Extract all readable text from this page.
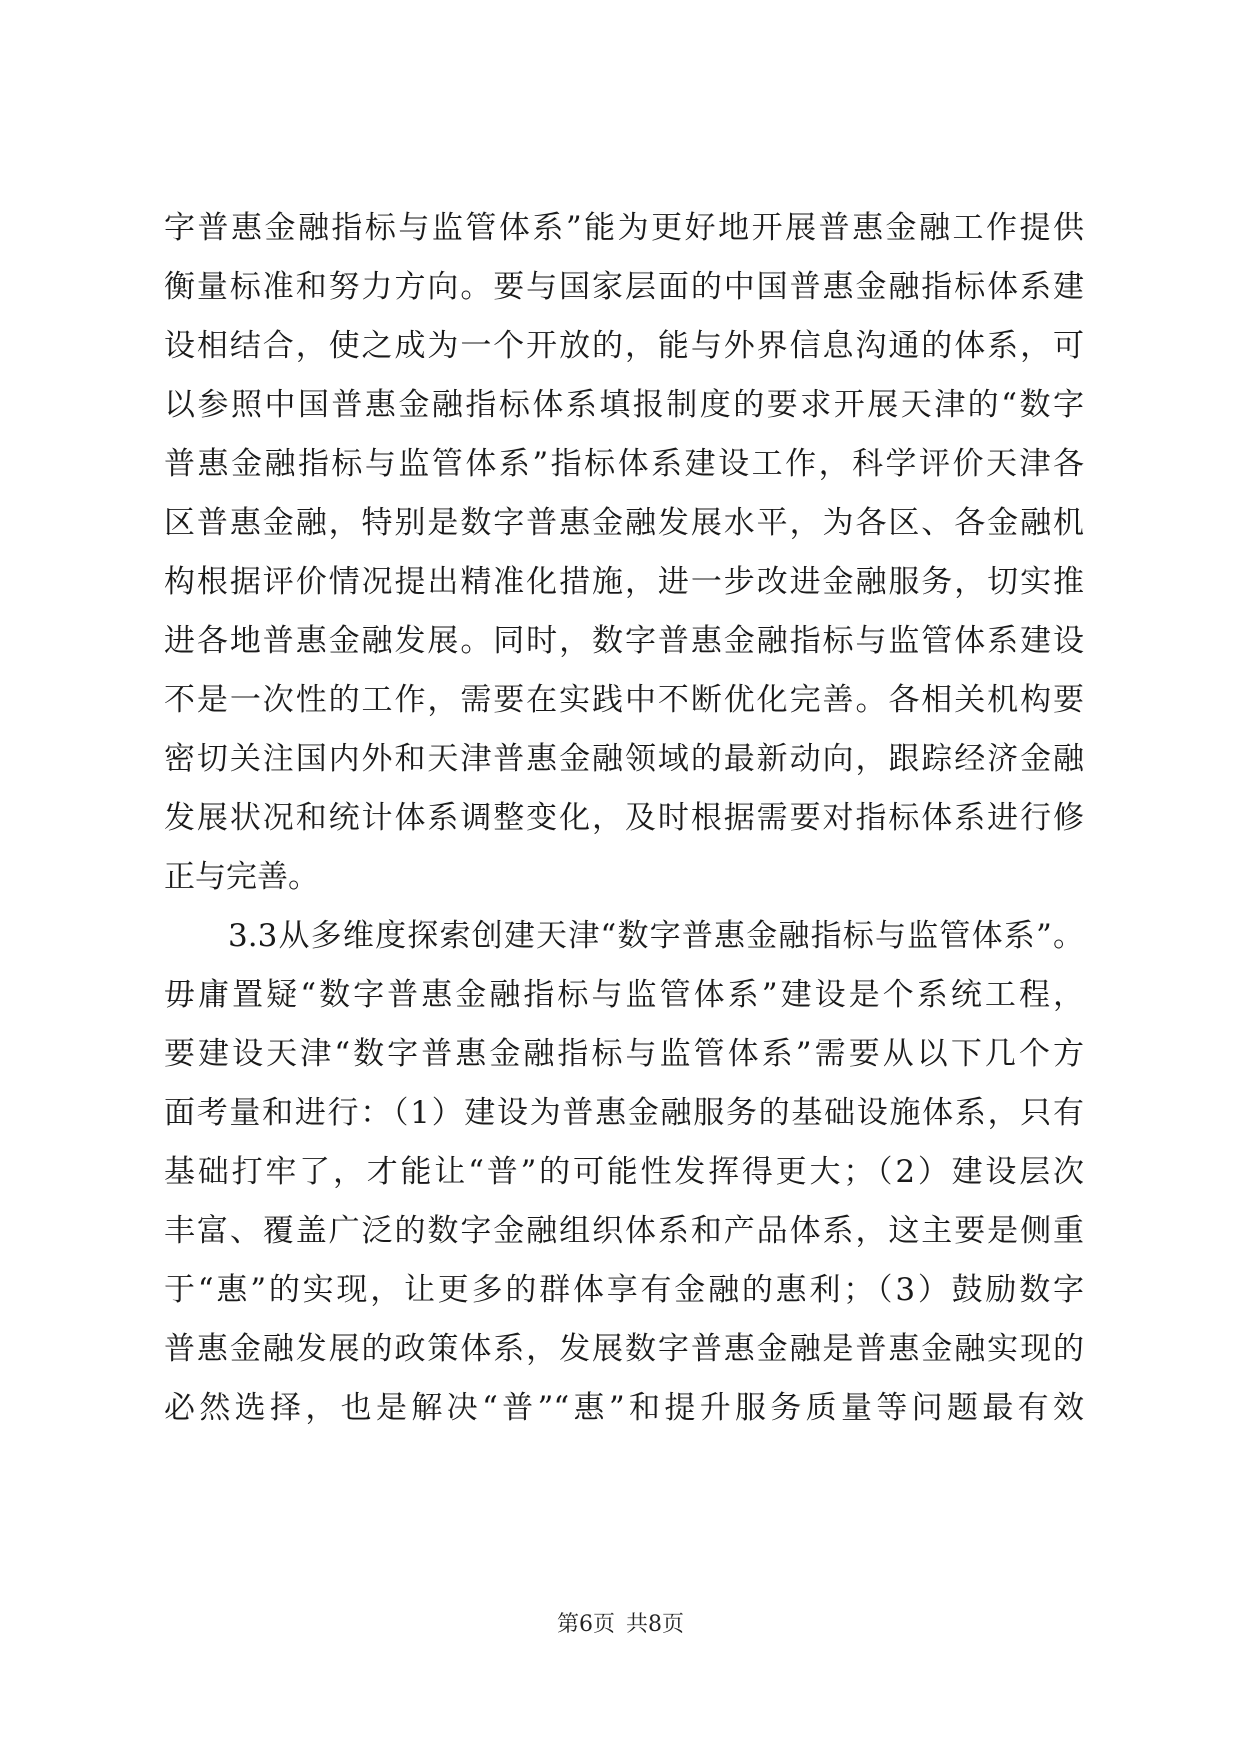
字普惠金融指标与监管体系”能为更好地开展普惠金融工作提供
衡量标准和努力方向。要与国家层面的中国普惠金融指标体系建
设相结合，使之成为一个开放的，能与外界信息沟通的体系，可
以参照中国普惠金融指标体系填报制度的要求开展天津的“数字
普惠金融指标与监管体系”指标体系建设工作，科学评价天津各
区普惠金融，特别是数字普惠金融发展水平，为各区、各金融机
构根据评价情况提出精准化措施，进一步改进金融服务，切实推
进各地普惠金融发展。同时，数字普惠金融指标与监管体系建设
不是一次性的工作，需要在实践中不断优化完善。各相关机构要
密切关注国内外和天津普惠金融领域的最新动向，跟踪经济金融
发展状况和统计体系调整变化，及时根据需要对指标体系进行修
正与完善。
3.3从多维度探索创建天津“数字普惠金融指标与监管体系”。
毋庸置疑“数字普惠金融指标与监管体系”建设是个系统工程，
要建设天津“数字普惠金融指标与监管体系”需要从以下几个方
面考量和进行：（1）建设为普惠金融服务的基础设施体系，只有
基础打牢了，才能让“普”的可能性发挥得更大；（2）建设层次
丰富、覆盖广泛的数字金融组织体系和产品体系，这主要是侧重
于“惠”的实现，让更多的群体享有金融的惠利；（3）鼓励数字
普惠金融发展的政策体系，发展数字普惠金融是普惠金融实现的
必然选择，也是解决“普”“惠”和提升服务质量等问题最有效
第6页 共8页
